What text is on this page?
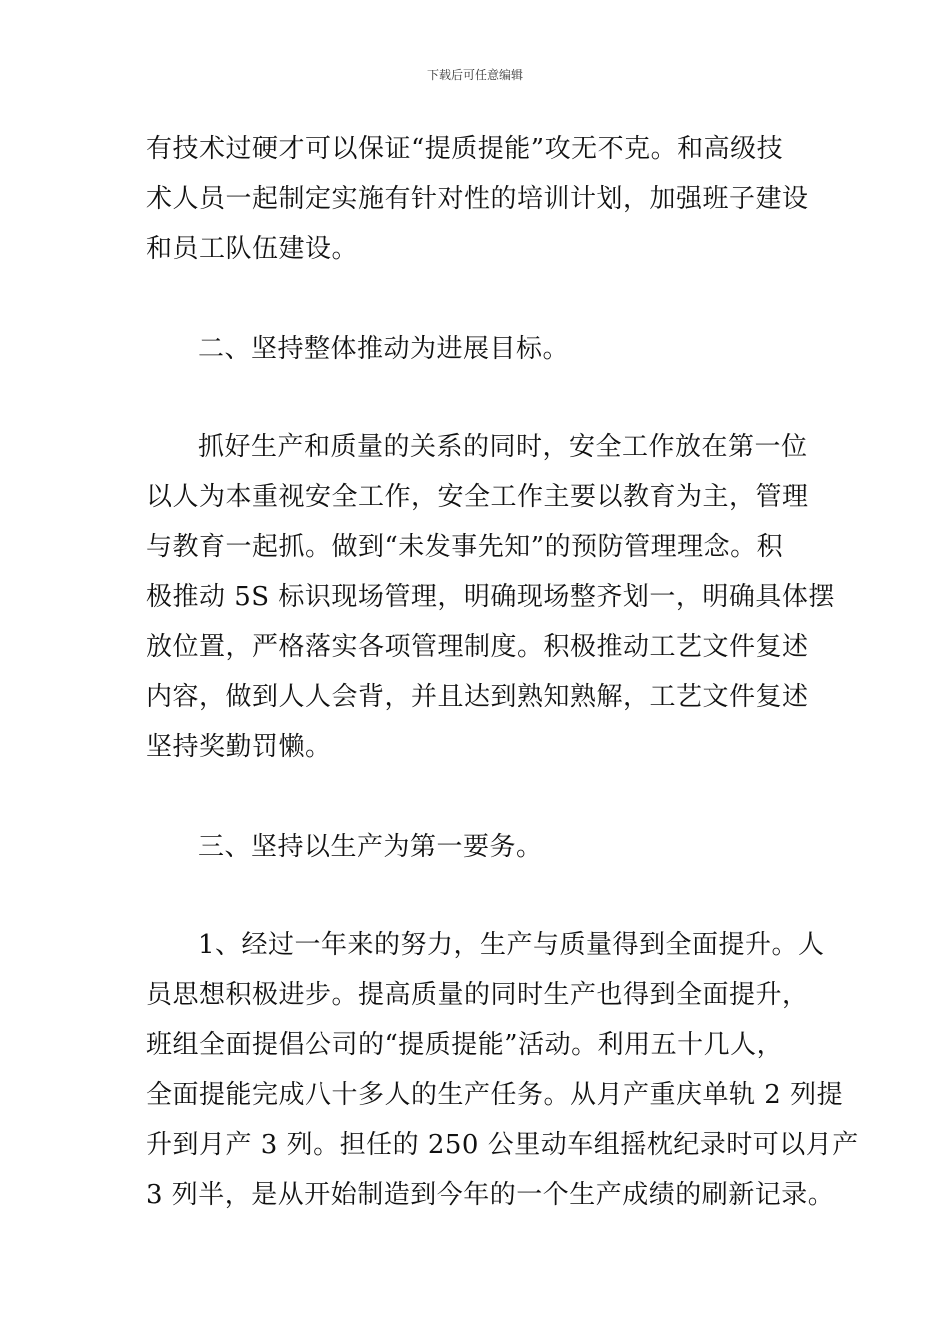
下载后可任意编辑
有技术过硬才可以保证“提质提能”攻无不克。和高级技
术人员一起制定实施有针对性的培训计划，加强班子建设
和员工队伍建设。
二、坚持整体推动为进展目标。
抓好生产和质量的关系的同时，安全工作放在第一位
以人为本重视安全工作，安全工作主要以教育为主，管理
与教育一起抓。做到“未发事先知”的预防管理理念。积
极推动 5S 标识现场管理，明确现场整齐划一，明确具体摆
放位置，严格落实各项管理制度。积极推动工艺文件复述
内容，做到人人会背，并且达到熟知熟解，工艺文件复述
坚持奖勤罚懒。
三、坚持以生产为第一要务。
1、经过一年来的努力，生产与质量得到全面提升。人
员思想积极进步。提高质量的同时生产也得到全面提升，
班组全面提倡公司的“提质提能”活动。利用五十几人，
全面提能完成八十多人的生产任务。从月产重庆单轨 2 列提
升到月产 3 列。担任的 250 公里动车组摇枕纪录时可以月产
3 列半，是从开始制造到今年的一个生产成绩的刷新记录。
